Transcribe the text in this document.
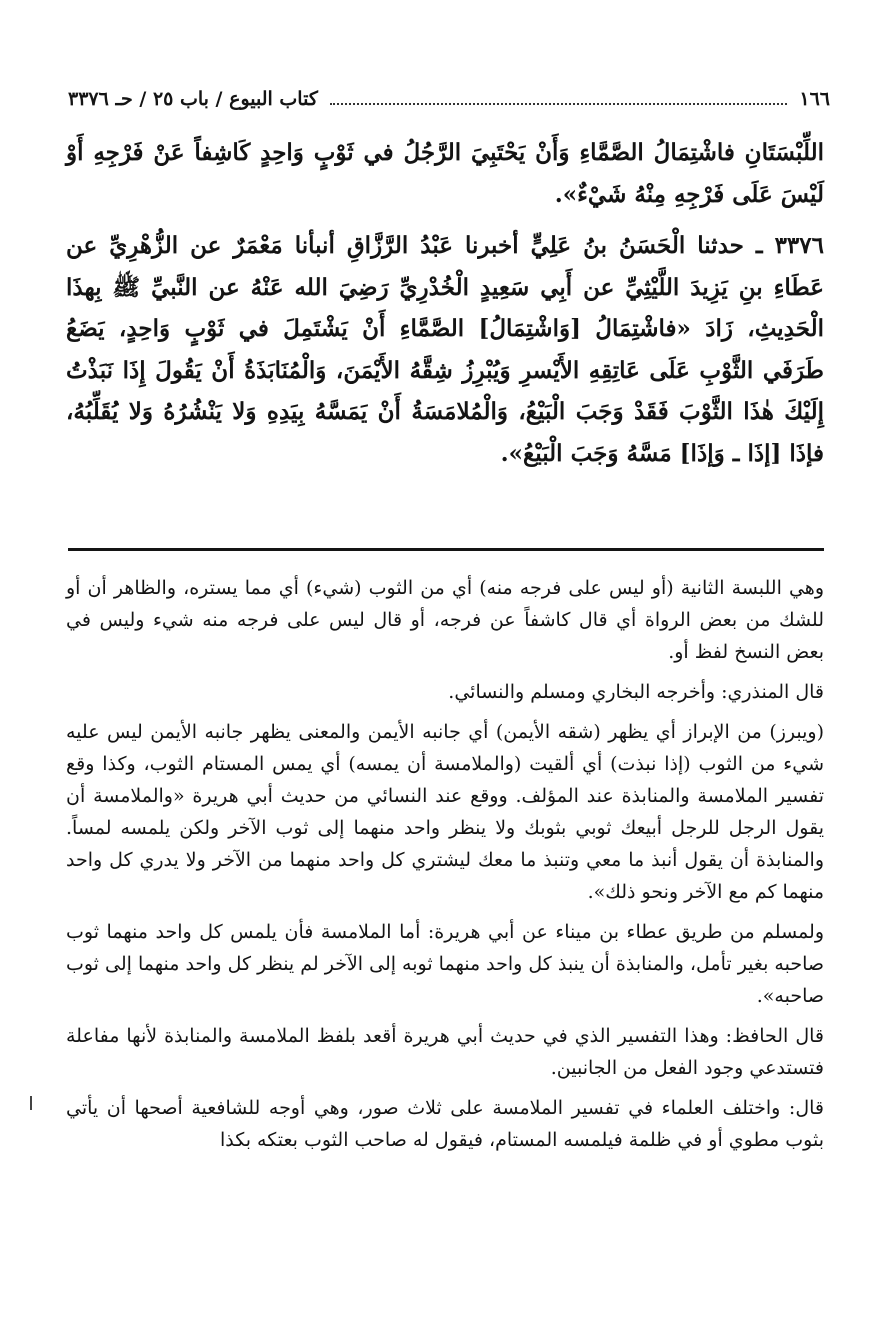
١٦٦
كتاب البيوع / باب ٢٥ / حـ ٣٣٧٦

اللِّبْسَتَانِ فاشْتِمَالُ الصَّمَّاءِ وَأَنْ يَحْتَبِيَ الرَّجُلُ في ثَوْبٍ وَاحِدٍ كَاشِفاً عَنْ فَرْجِهِ أَوْ لَيْسَ عَلَى فَرْجِهِ مِنْهُ شَيْءٌ».

٣٣٧٦ ـ حدثنا الْحَسَنُ بنُ عَلِيٍّ أخبرنا عَبْدُ الرَّزَّاقِ أنبأنا مَعْمَرٌ عن الزُّهْرِيِّ عن عَطَاءِ بنِ يَزِيدَ اللَّيْثِيِّ عن أَبِي سَعِيدٍ الْخُدْرِيِّ رَضِيَ الله عَنْهُ عن النَّبيِّ ﷺ بِهذَا الْحَدِيثِ، زَادَ «فاشْتِمَالُ [وَاشْتِمَالُ] الصَّمَّاءِ أَنْ يَشْتَمِلَ في ثَوْبٍ وَاحِدٍ، يَضَعُ طَرَفَي الثَّوْبِ عَلَى عَاتِقِهِ الأَيْسرِ وَيُبْرِزُ شِقَّهُ الأَيْمَنَ، وَالْمُنَابَذَةُ أَنْ يَقُولَ إِذَا نَبَذْتُ إِلَيْكَ هٰذَا الثَّوْبَ فَقَدْ وَجَبَ الْبَيْعُ، وَالْمُلامَسَةُ أَنْ يَمَسَّهُ بِيَدِهِ وَلا يَنْشُرُهُ وَلا يُقَلِّبُهُ، فإذَا [إذَا ـ وَإذَا] مَسَّهُ وَجَبَ الْبَيْعُ».

وهي اللبسة الثانية (أو ليس على فرجه منه) أي من الثوب (شيء) أي مما يستره، والظاهر أن أو للشك من بعض الرواة أي قال كاشفاً عن فرجه، أو قال ليس على فرجه منه شيء وليس في بعض النسخ لفظ أو.

قال المنذري: وأخرجه البخاري ومسلم والنسائي.

(ويبرز) من الإبراز أي يظهر (شقه الأيمن) أي جانبه الأيمن والمعنى يظهر جانبه الأيمن ليس عليه شيء من الثوب (إذا نبذت) أي ألقيت (والملامسة أن يمسه) أي يمس المستام الثوب، وكذا وقع تفسير الملامسة والمنابذة عند المؤلف. ووقع عند النسائي من حديث أبي هريرة «والملامسة أن يقول الرجل للرجل أبيعك ثوبي بثوبك ولا ينظر واحد منهما إلى ثوب الآخر ولكن يلمسه لمساً. والمنابذة أن يقول أنبذ ما معي وتنبذ ما معك ليشتري كل واحد منهما من الآخر ولا يدري كل واحد منهما كم مع الآخر ونحو ذلك».

ولمسلم من طريق عطاء بن ميناء عن أبي هريرة: أما الملامسة فأن يلمس كل واحد منهما ثوب صاحبه بغير تأمل، والمنابذة أن ينبذ كل واحد منهما ثوبه إلى الآخر لم ينظر كل واحد منهما إلى ثوب صاحبه».

قال الحافظ: وهذا التفسير الذي في حديث أبي هريرة أقعد بلفظ الملامسة والمنابذة لأنها مفاعلة فتستدعي وجود الفعل من الجانبين.

قال: واختلف العلماء في تفسير الملامسة على ثلاث صور، وهي أوجه للشافعية أصحها أن يأتي بثوب مطوي أو في ظلمة فيلمسه المستام، فيقول له صاحب الثوب بعتكه بكذا
